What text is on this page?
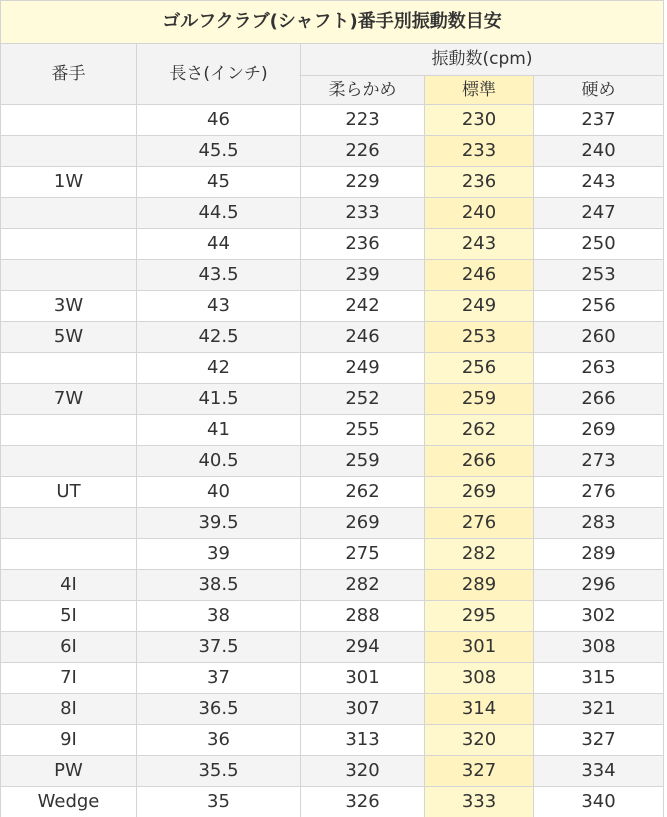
ゴルフクラブ(シャフト)番手別振動数目安				
番手	長さ(インチ)	振動数(cpm)		
		柔らかめ	標準	硬め
	46	223	230	237
	45.5	226	233	240
1W	45	229	236	243
	44.5	233	240	247
	44	236	243	250
	43.5	239	246	253
3W	43	242	249	256
5W	42.5	246	253	260
	42	249	256	263
7W	41.5	252	259	266
	41	255	262	269
	40.5	259	266	273
UT	40	262	269	276
	39.5	269	276	283
	39	275	282	289
4I	38.5	282	289	296
5I	38	288	295	302
6I	37.5	294	301	308
7I	37	301	308	315
8I	36.5	307	314	321
9I	36	313	320	327
PW	35.5	320	327	334
Wedge	35	326	333	340
